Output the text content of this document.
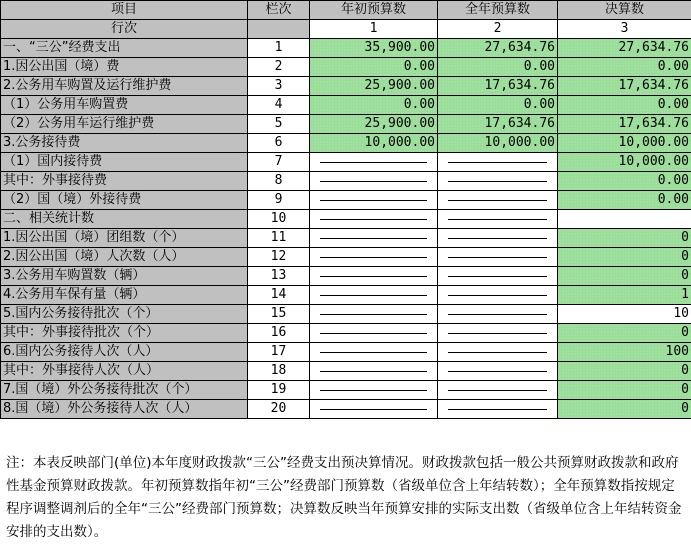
项目	栏次	年初预算数	全年预算数	决算数
行次		1	2	3
一、“三公”经费支出	1	35,900.00	27,634.76	27,634.76
1.因公出国（境）费	2	0.00	0.00	0.00
2.公务用车购置及运行维护费	3	25,900.00	17,634.76	17,634.76
（1）公务用车购置费	4	0.00	0.00	0.00
（2）公务用车运行维护费	5	25,900.00	17,634.76	17,634.76
3.公务接待费	6	10,000.00	10,000.00	10,000.00
（1）国内接待费	7			10,000.00
其中：外事接待费	8			0.00
（2）国（境）外接待费	9			0.00
二、相关统计数	10	

1.因公出国（境）团组数（个）	11			0
2.因公出国（境）人次数（人）	12			0
3.公务用车购置数（辆）	13			0
4.公务用车保有量（辆）	14			1
5.国内公务接待批次（个）	15			10
其中：外事接待批次（个）	16			0
6.国内公务接待人次（人）	17			100
其中：外事接待人次（人）	18			0
7.国（境）外公务接待批次（个）	19			0
8.国（境）外公务接待人次（人）	20			0
注：本表反映部门(单位)本年度财政拨款“三公”经费支出预决算情况。财政拨款包括一般公共预算财政拨款和政府性基金预算财政拨款。年初预算数指年初“三公”经费部门预算数（省级单位含上年结转数）；全年预算数指按规定程序调整调剂后的全年“三公”经费部门预算数；决算数反映当年预算安排的实际支出数（省级单位含上年结转资金安排的支出数）。
